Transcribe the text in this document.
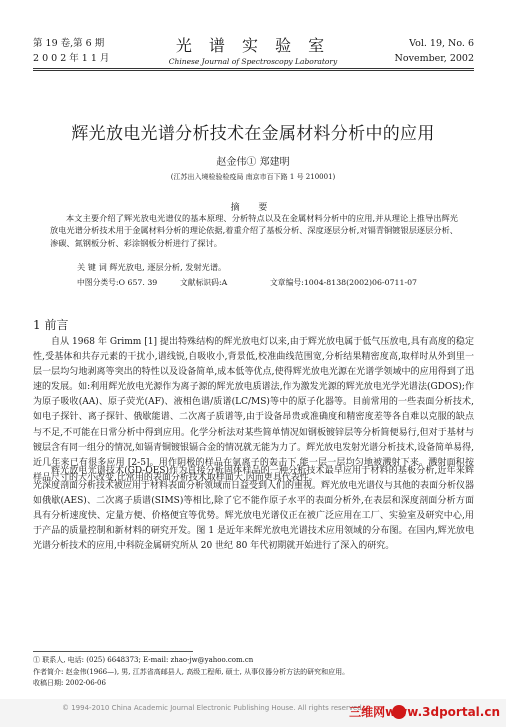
第 19 卷,第 6 期
2 0 0 2 年 1 1 月
光 谱 实 验 室
Chinese Journal of Spectroscopy Laboratory
Vol. 19, No. 6
November, 2002
辉光放电光谱分析技术在金属材料分析中的应用
赵金伟① 郑建明
(江苏出入境检验检疫局 南京市百下路 1 号 210001)
摘 要
本文主要介绍了辉光放电光谱仪的基本原理、分析特点以及在金属材料分析中的应用,并从理论上推导出辉光放电光谱分析技术用于金属材料分析的理论依据,着重介绍了基板分析、深度逐层分析,对镉青铜镀银层逐层分析、渗碳、氮钢板分析、彩涂钢板分析进行了探讨。
关 键 词 辉光放电, 逐层分析, 发射光谱。
中图分类号:O 657. 39	文献标识码:A	文章编号:1004-8138(2002)06-0711-07
1 前言
自从 1968 年 Grimm [1] 提出特殊结构的辉光放电灯以来,由于辉光放电属于低气压放电,具有高度的稳定性,受基体和共存元素的干扰小,谱线锐,自吸收小,背景低,校准曲线范围宽,分析结果精密度高,取样时从外到里一层一层均匀地剥离等突出的特性以及设备简单,成本低等优点,使得辉光放电光源在光谱学领域中的应用得到了迅速的发展。如:利用辉光放电光源作为离子源的辉光放电质谱法,作为激发光源的辉光放电光学光谱法(GDOS);作为原子吸收(AA)、原子荧光(AF)、液相色谱/质谱(LC/MS)等中的原子化器等。目前常用的一些表面分析技术,如电子探针、离子探针、俄歇能谱、二次离子质谱等,由于设备昂贵或准确度和精密度差等各自难以克服的缺点与不足,不可能在日常分析中得到应用。化学分析法对某些简单情况如钢板镀锌层等分析简便易行,但对于基材与镀层含有同一组分的情况,如镉青铜镀银镉合金的情况就无能为力了。辉光放电发射光谱分析技术,设备简单易得,近几年来已有很多应用 [2-5]。用作阴极的样品在氩离子的轰击下,能一层一层均匀地被溅射下来。溅射面积按样品尺寸的大小改变,比常用的表面分析技术取样面大,因而更具代表性。
辉光放电光谱技术(GD-OES)作为直接分析固体样品的一种分析技术最早应用于材料的基板分析,近年来辉光深度剖面分析技术被应用于材料表面分析领域而日益受到人们的重视。辉光放电光谱仪与其他的表面分析仪器如俄歇(AES)、二次离子质谱(SIMS)等相比,除了它不能作原子水平的表面分析外,在表层和深度剖面分析方面具有分析速度快、定量方便、价格便宜等优势。辉光放电光谱仪正在被广泛应用在工厂、实验室及研究中心,用于产品的质量控制和新材料的研究开发。图 1 是近年来辉光放电光谱技术应用领域的分布图。在国内,辉光放电光谱分析技术的应用,中科院金属研究所从 20 世纪 80 年代初期就开始进行了深入的研究。
① 联系人, 电话: (025) 6648373; E-mail: zhao-jw@yahoo.com.cn
作者简介: 赵金伟(1966—), 男, 江苏省高邮县人, 高级工程师, 硕士, 从事仪器分析方法的研究和应用。
收稿日期: 2002-06-06
© 1994-2010 China Academic Journal Electronic Publishing House. All rights reserved.
三维网www.3dportal.cn
